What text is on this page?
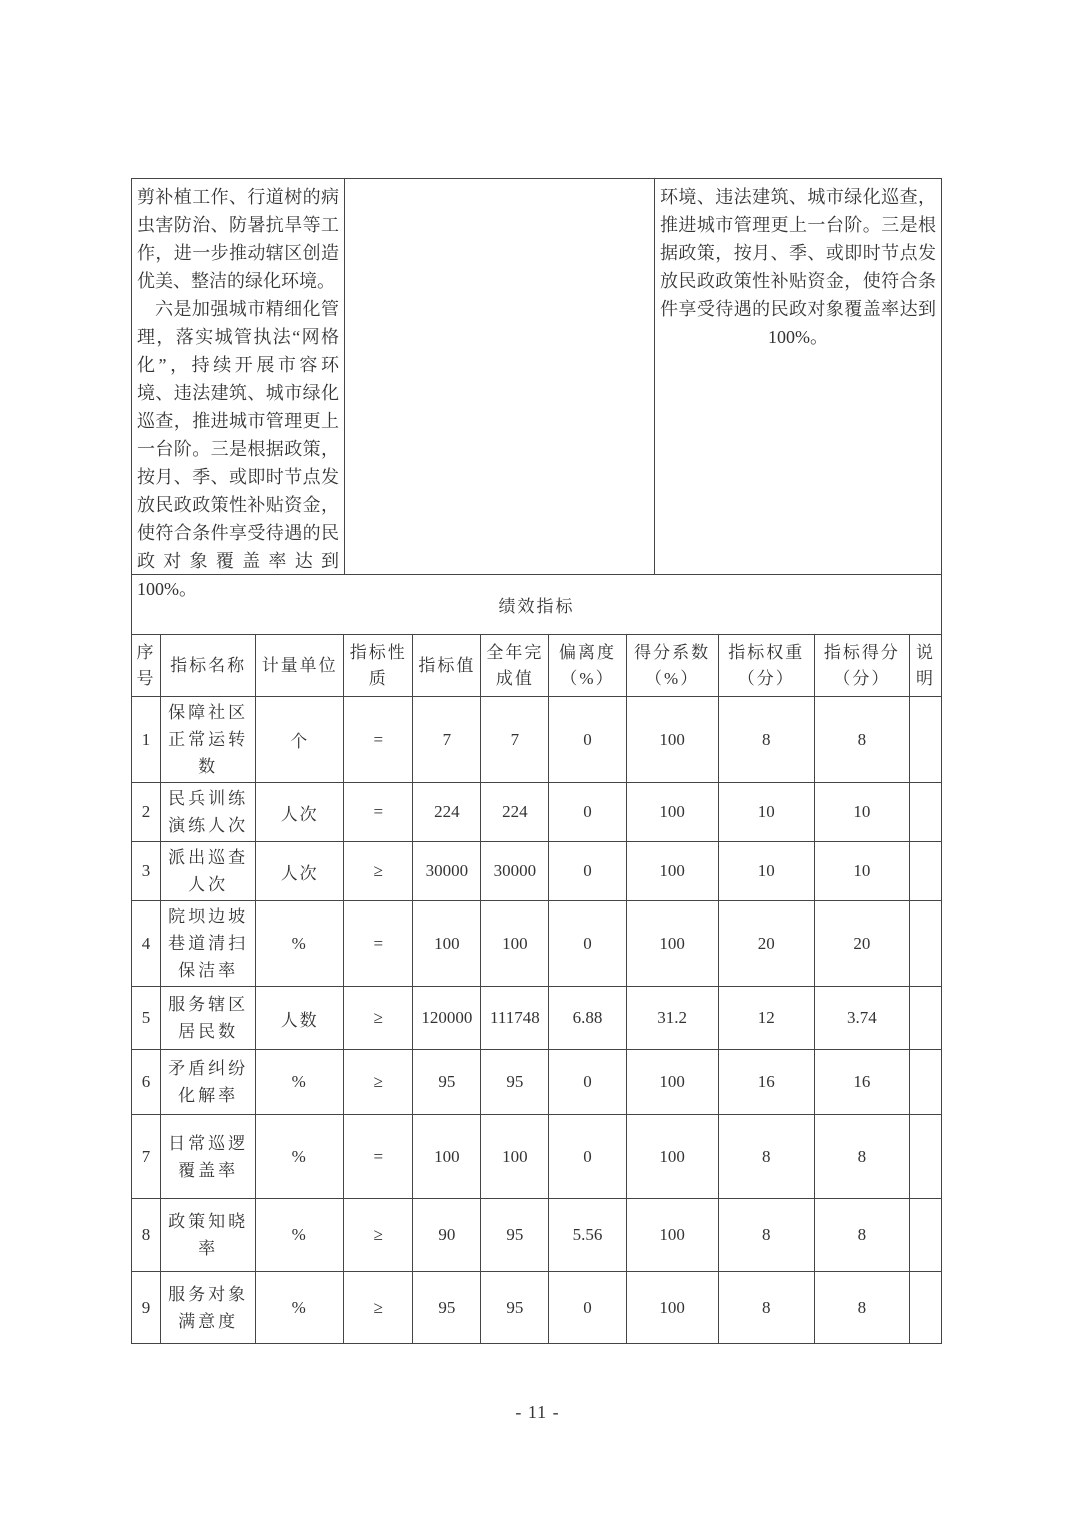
剪补植工作、行道树的病虫害防治、防暑抗旱等工作，进一步推动辖区创造优美、整洁的绿化环境。

六是加强城市精细化管理，落实城管执法“网格化”，持续开展市容环境、违法建筑、城市绿化巡查，推进城市管理更上一台阶。三是根据政策，按月、季、或即时节点发放民政政策性补贴资金，使符合条件享受待遇的民政对象覆盖率达到 100%。

环境、违法建筑、城市绿化巡查，推进城市管理更上一台阶。三是根据政策，按月、季、或即时节点发放民政政策性补贴资金，使符合条件享受待遇的民政对象覆盖率达到 100%。

绩效指标
序号	指标名称	计量单位	指标性质	指标值	全年完成值	偏离度（%）	得分系数（%）	指标权重（分）	指标得分（分）	说明
1	保障社区正常运转数	个	=	7	7	0	100	8	8	
2	民兵训练演练人次	人次	=	224	224	0	100	10	10	
3	派出巡查人次	人次	≥	30000	30000	0	100	10	10	
4	院坝边坡巷道清扫保洁率	%	=	100	100	0	100	20	20	
5	服务辖区居民数	人数	≥	120000	111748	6.88	31.2	12	3.74	
6	矛盾纠纷化解率	%	≥	95	95	0	100	16	16	
7	日常巡逻覆盖率	%	=	100	100	0	100	8	8	
8	政策知晓率	%	≥	90	95	5.56	100	8	8	
9	服务对象满意度	%	≥	95	95	0	100	8	8	
- 11 -
